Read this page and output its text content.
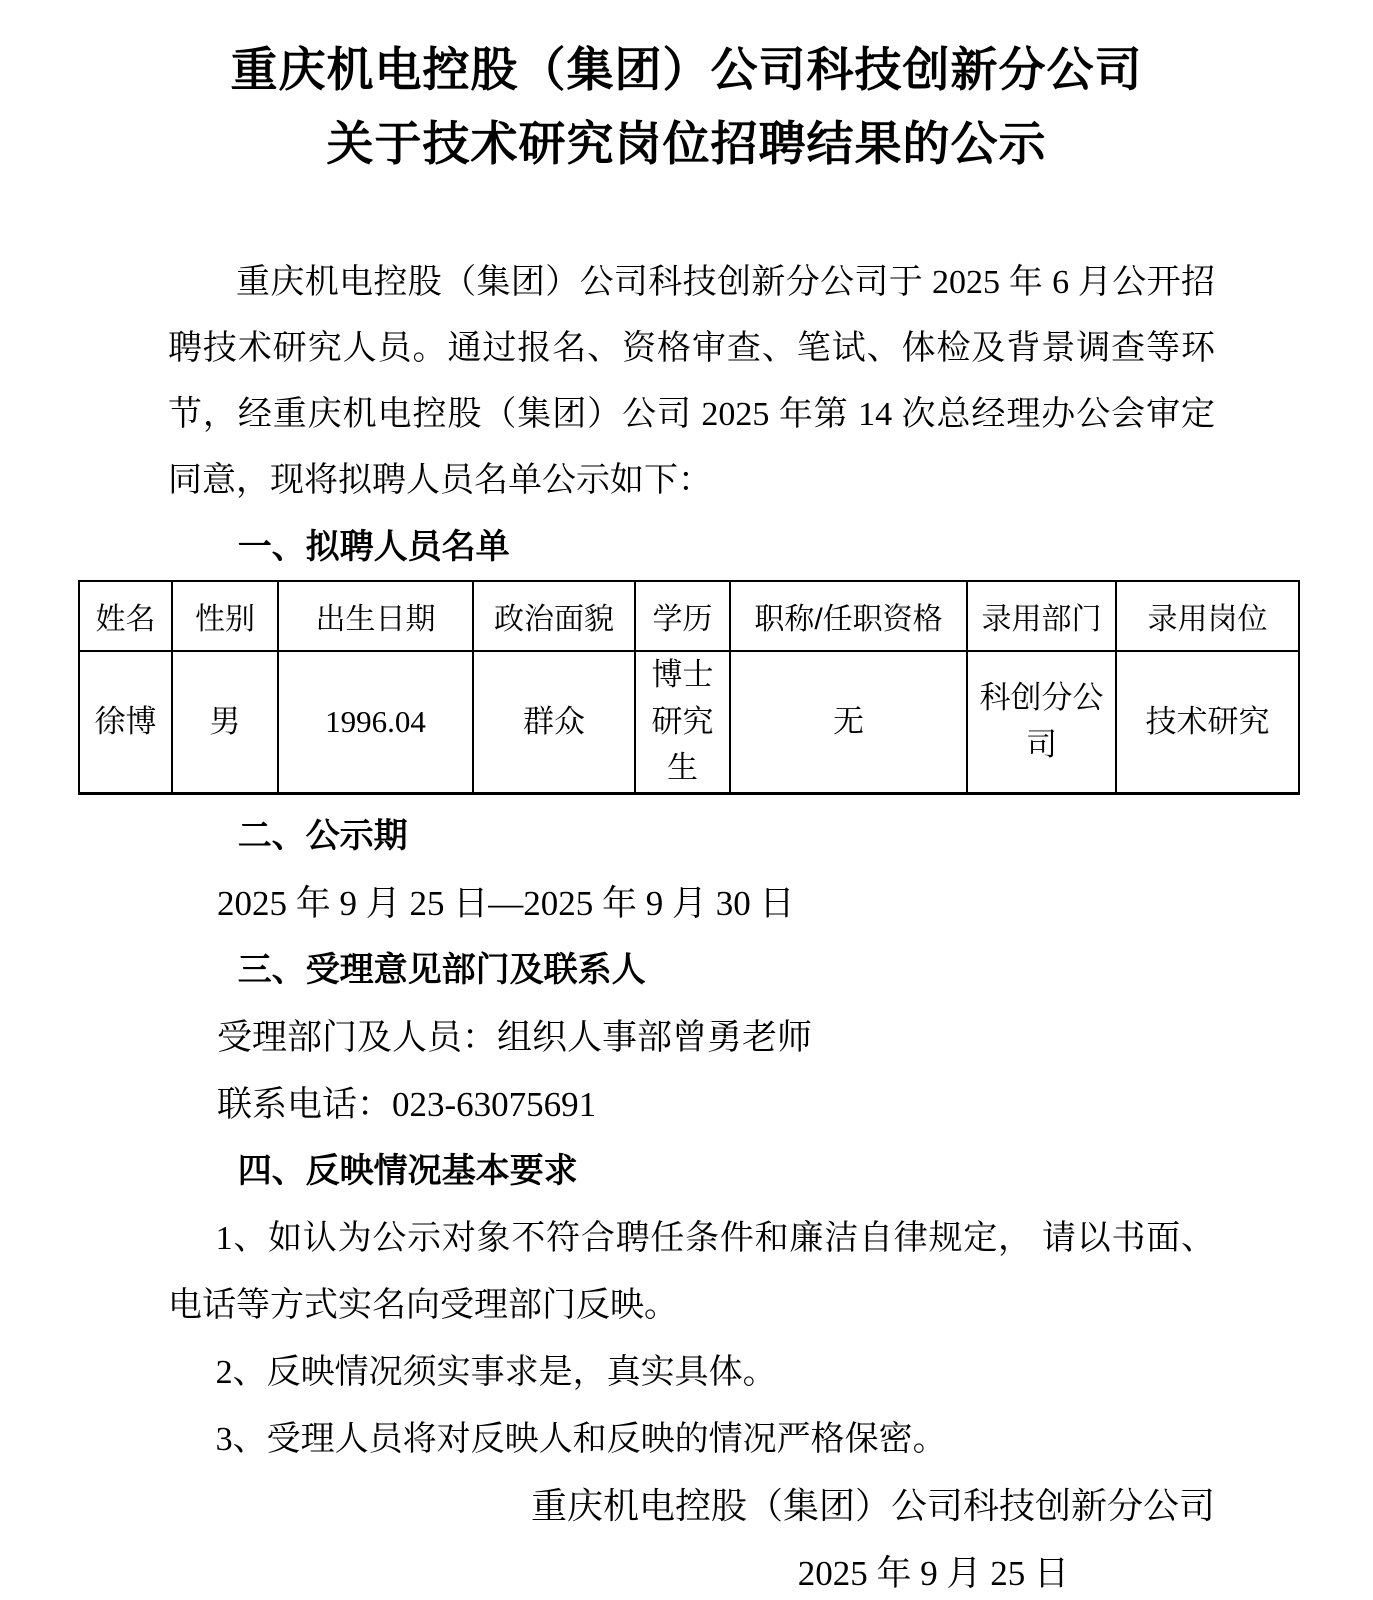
重庆机电控股（集团）公司科技创新分公司
关于技术研究岗位招聘结果的公示

重庆机电控股（集团）公司科技创新分公司于 2025 年 6 月公开招聘技术研究人员。通过报名、资格审查、笔试、体检及背景调查等环节，经重庆机电控股（集团）公司 2025 年第 14 次总经理办公会审定同意，现将拟聘人员名单公示如下：

一、拟聘人员名单
姓名	性别	出生日期	政治面貌	学历	职称/任职资格	录用部门	录用岗位
徐博	男	1996.04	群众	博士研究生	无	科创分公司	技术研究
二、公示期
2025 年 9 月 25 日—2025 年 9 月 30 日
三、受理意见部门及联系人
受理部门及人员：组织人事部曾勇老师
联系电话：023-63075691
四、反映情况基本要求
1、如认为公示对象不符合聘任条件和廉洁自律规定， 请以书面、电话等方式实名向受理部门反映。
2、反映情况须实事求是，真实具体。
3、受理人员将对反映人和反映的情况严格保密。
重庆机电控股（集团）公司科技创新分公司
2025 年 9 月 25 日
